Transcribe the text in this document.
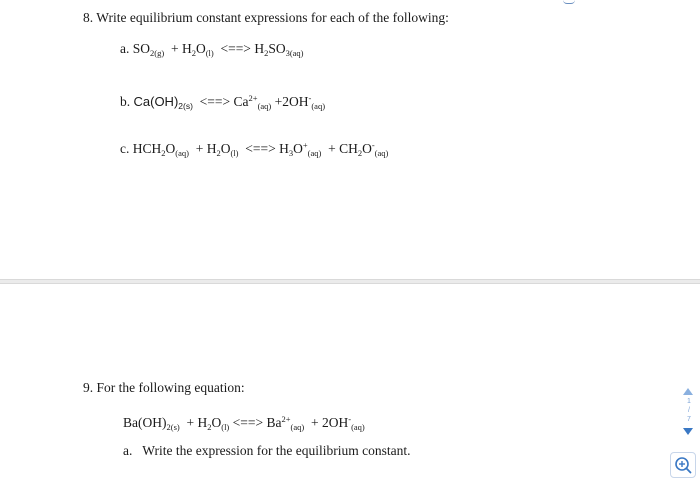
8. Write equilibrium constant expressions for each of the following:
a. $SO_{2(g)} + H_2O_{(l)}$ <==> $H_2SO_{3(aq)}$
b. $Ca(OH)_{2(s)}$ <==> $Ca^{2+}_{(aq)} +2OH^-_{(aq)}$
c. $HCH_2O_{(aq)} + H_2O_{(l)}$ <==> $H_3O^+_{(aq)} + CH_2O^-_{(aq)}$
9. For the following equation:
$Ba(OH)_{2(s)} + H_2O_{(l)}$ <==> $Ba^{2+}_{(aq)} + 2OH^-_{(aq)}$
a. Write the expression for the equilibrium constant.
1
/
7
